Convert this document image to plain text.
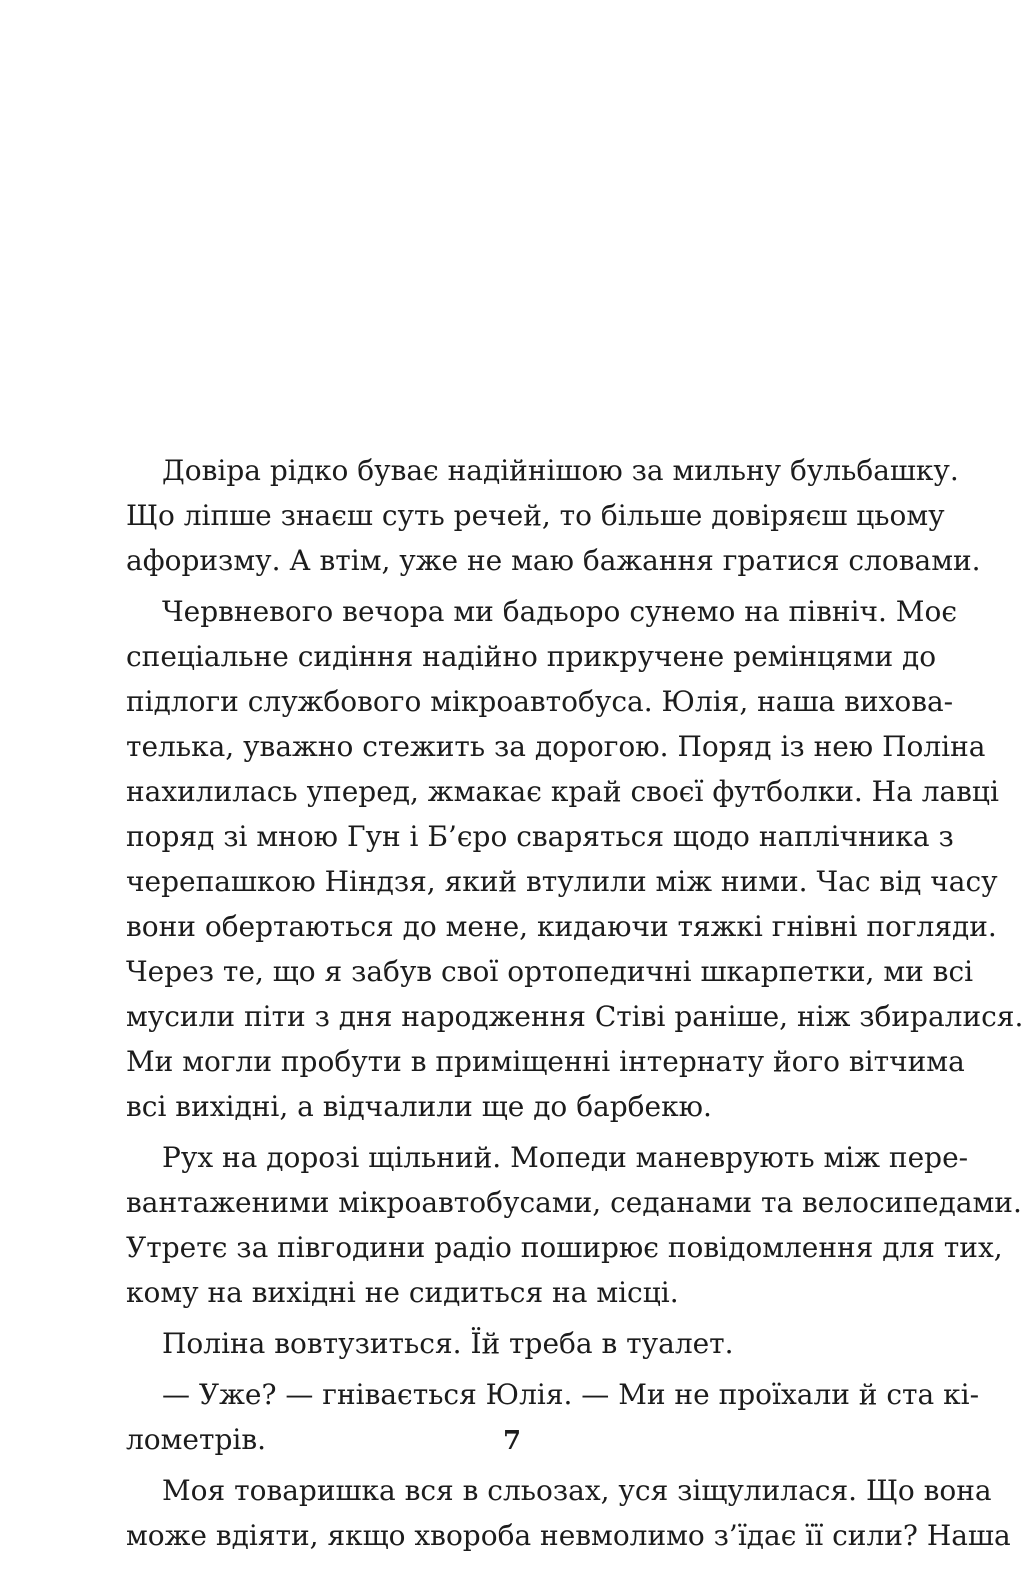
Довіра рідко буває надійнішою за мильну бульбашку.
Що ліпше знаєш суть речей, то більше довіряєш цьому
афоризму. А втім, уже не маю бажання гратися словами.
Червневого вечора ми бадьоро сунемо на північ. Моє
спеціальне сидіння надійно прикручене ремінцями до
підлоги службового мікроавтобуса. Юлія, наша вихова-
телька, уважно стежить за дорогою. Поряд із нею Поліна
нахилилась уперед, жмакає край своєї футболки. На лавці
поряд зі мною Гун і Б’єро сваряться щодо наплічника з
черепашкою Ніндзя, який втулили між ними. Час від часу
вони обертаються до мене, кидаючи тяжкі гнівні погляди.
Через те, що я забув свої ортопедичні шкарпетки, ми всі
мусили піти з дня народження Стіві раніше, ніж збиралися.
Ми могли пробути в приміщенні інтернату його вітчима
всі вихідні, а відчалили ще до барбекю.
Рух на дорозі щільний. Мопеди маневрують між пере-
вантаженими мікроавтобусами, седанами та велосипедами.
Утретє за півгодини радіо поширює повідомлення для тих,
кому на вихідні не сидиться на місці.
Поліна вовтузиться. Їй треба в туалет.
— Уже? — гнівається Юлія. — Ми не проїхали й ста кі-
лометрів.
Моя товаришка вся в сльозах, уся зіщулилася. Що вона
може вдіяти, якщо хвороба невмолимо з’їдає її сили? Наша
7
